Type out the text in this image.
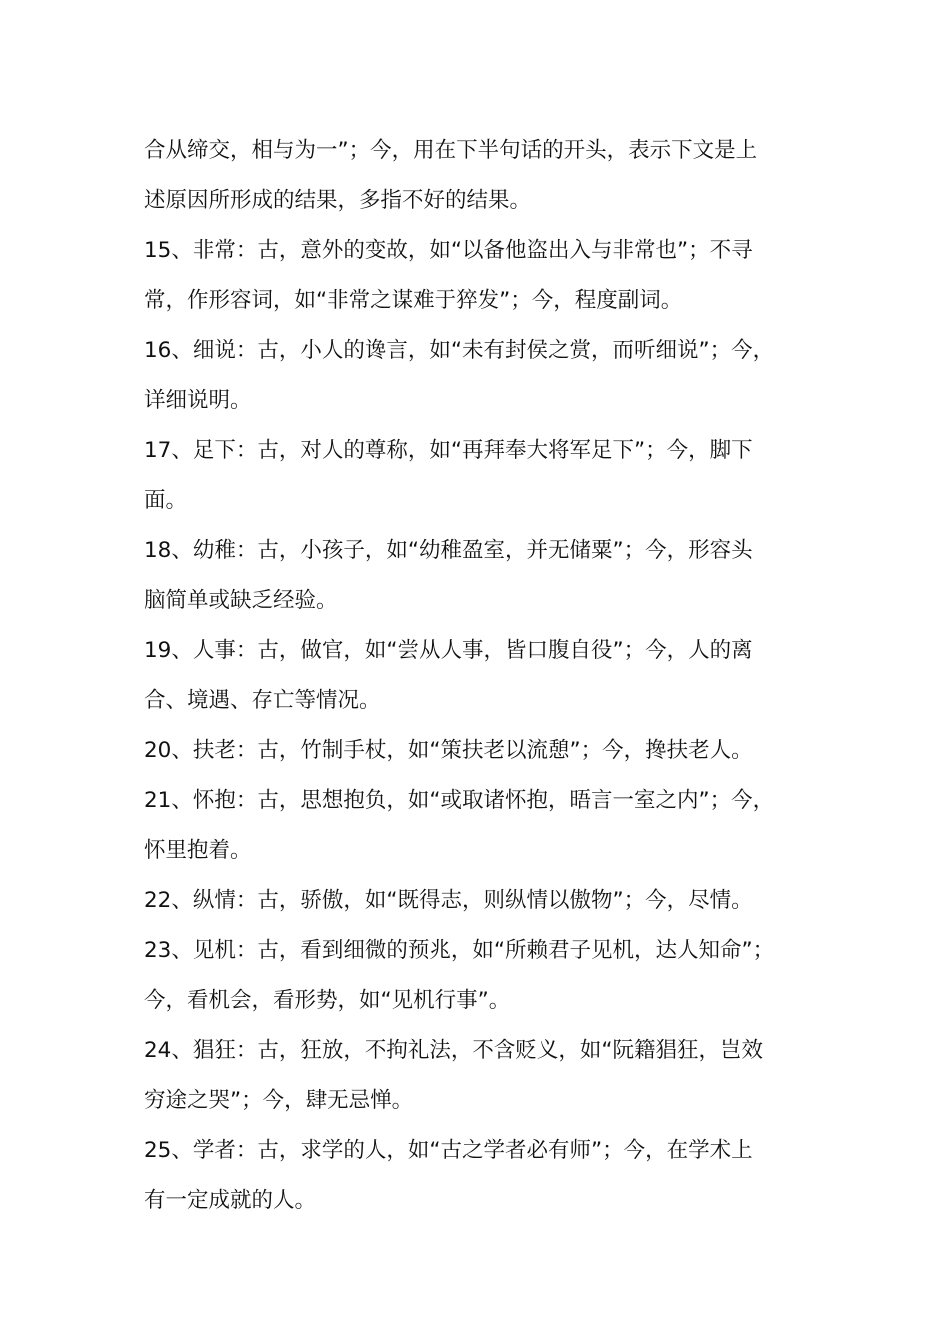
合从缔交，相与为一”；今，用在下半句话的开头，表示下文是上
述原因所形成的结果，多指不好的结果。
15、非常：古，意外的变故，如“以备他盗出入与非常也”；不寻
常，作形容词，如“非常之谋难于猝发”；今，程度副词。
16、细说：古，小人的谗言，如“未有封侯之赏，而听细说”；今，
详细说明。
17、足下：古，对人的尊称，如“再拜奉大将军足下”；今，脚下
面。
18、幼稚：古，小孩子，如“幼稚盈室，并无储粟”；今，形容头
脑简单或缺乏经验。
19、人事：古，做官，如“尝从人事，皆口腹自役”；今，人的离
合、境遇、存亡等情况。
20、扶老：古，竹制手杖，如“策扶老以流憩”；今，搀扶老人。
21、怀抱：古，思想抱负，如“或取诸怀抱，晤言一室之内”；今，
怀里抱着。
22、纵情：古，骄傲，如“既得志，则纵情以傲物”；今，尽情。
23、见机：古，看到细微的预兆，如“所赖君子见机，达人知命”；
今，看机会，看形势，如“见机行事”。
24、猖狂：古，狂放，不拘礼法，不含贬义，如“阮籍猖狂，岂效
穷途之哭”；今，肆无忌惮。
25、学者：古，求学的人，如“古之学者必有师”；今，在学术上
有一定成就的人。
